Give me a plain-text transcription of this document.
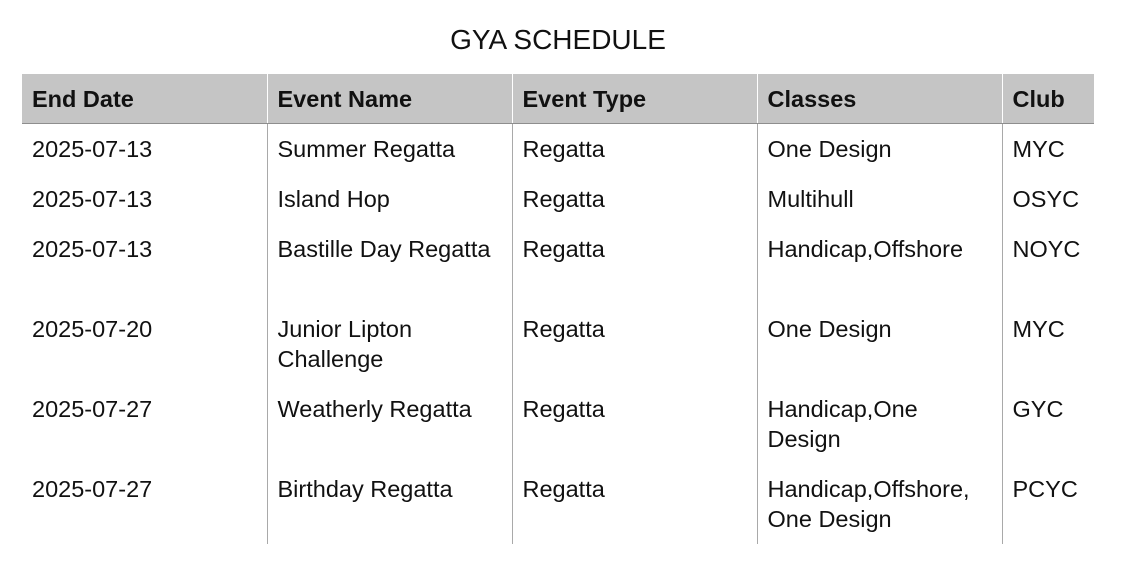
GYA SCHEDULE
End Date	Event Name	Event Type	Classes	Club
2025-07-13	Summer Regatta	Regatta	One Design	MYC
2025-07-13	Island Hop	Regatta	Multihull	OSYC
2025-07-13	Bastille Day Regatta	Regatta	Handicap,Offshore	NOYC
2025-07-20	Junior Lipton Challenge	Regatta	One Design	MYC
2025-07-27	Weatherly Regatta	Regatta	Handicap,One Design	GYC
2025-07-27	Birthday Regatta	Regatta	Handicap,Offshore, One Design	PCYC
